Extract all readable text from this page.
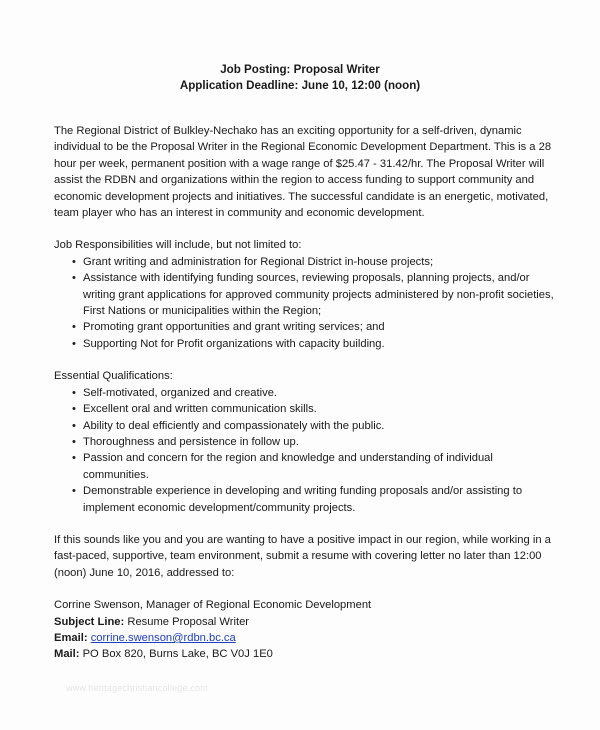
Job Posting: Proposal Writer
Application Deadline: June 10, 12:00 (noon)

The Regional District of Bulkley-Nechako has an exciting opportunity for a self-driven, dynamic individual to be the Proposal Writer in the Regional Economic Development Department. This is a 28 hour per week, permanent position with a wage range of $25.47 - 31.42/hr. The Proposal Writer will assist the RDBN and organizations within the region to access funding to support community and economic development projects and initiatives. The successful candidate is an energetic, motivated, team player who has an interest in community and economic development.

Job Responsibilities will include, but not limited to:

• Grant writing and administration for Regional District in-house projects;
• Assistance with identifying funding sources, reviewing proposals, planning projects, and/or writing grant applications for approved community projects administered by non-profit societies, First Nations or municipalities within the Region;
• Promoting grant opportunities and grant writing services; and
• Supporting Not for Profit organizations with capacity building.

Essential Qualifications:

• Self-motivated, organized and creative.
• Excellent oral and written communication skills.
• Ability to deal efficiently and compassionately with the public.
• Thoroughness and persistence in follow up.
• Passion and concern for the region and knowledge and understanding of individual communities.
• Demonstrable experience in developing and writing funding proposals and/or assisting to implement economic development/community projects.

If this sounds like you and you are wanting to have a positive impact in our region, while working in a fast-paced, supportive, team environment, submit a resume with covering letter no later than 12:00 (noon) June 10, 2016, addressed to:

Corrine Swenson, Manager of Regional Economic Development

Subject Line: Resume Proposal Writer

Email: corrine.swenson@rdbn.bc.ca

Mail: PO Box 820, Burns Lake, BC V0J 1E0

www.heritagechristiancollege.com
